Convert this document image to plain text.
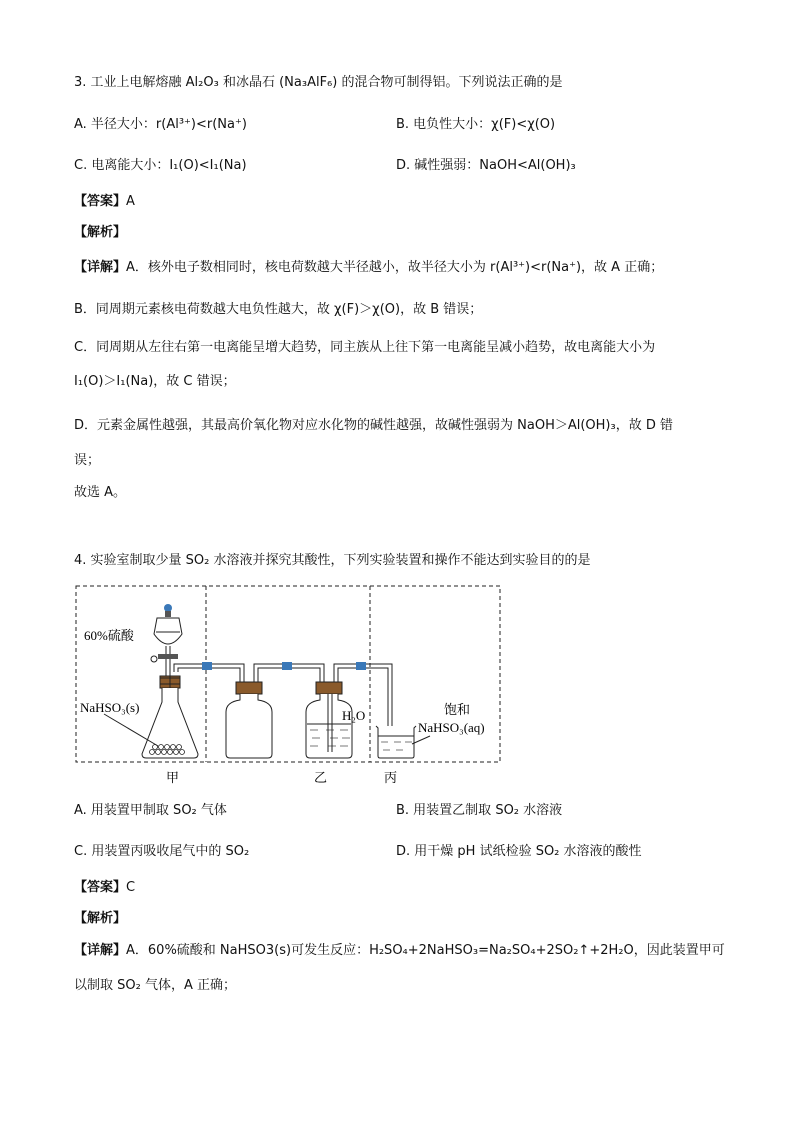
3. 工业上电解熔融 Al₂O₃ 和冰晶石 (Na₃AlF₆) 的混合物可制得铝。下列说法正确的是
A. 半径大小：r(Al³⁺)<r(Na⁺)	B. 电负性大小：χ(F)<χ(O)
C. 电离能大小：I₁(O)<I₁(Na)	D. 碱性强弱：NaOH<Al(OH)₃
【答案】A
【解析】
【详解】A．核外电子数相同时，核电荷数越大半径越小，故半径大小为 r(Al³⁺)<r(Na⁺)，故 A 正确；
B．同周期元素核电荷数越大电负性越大，故 χ(F)＞χ(O)，故 B 错误；
C．同周期从左往右第一电离能呈增大趋势，同主族从上往下第一电离能呈减小趋势，故电离能大小为
I₁(O)＞I₁(Na)，故 C 错误；
D．元素金属性越强，其最高价氧化物对应水化物的碱性越强，故碱性强弱为 NaOH＞Al(OH)₃，故 D 错
误；
故选 A。
4. 实验室制取少量 SO₂ 水溶液并探究其酸性，下列实验装置和操作不能达到实验目的的是
60%硫酸
NaHSO₃(s)
H₂O	饱和
NaHSO₃(aq)
甲	乙	丙
A. 用装置甲制取 SO₂ 气体	B. 用装置乙制取 SO₂ 水溶液
C. 用装置丙吸收尾气中的 SO₂	D. 用干燥 pH 试纸检验 SO₂ 水溶液的酸性
【答案】C
【解析】
【详解】A．60%硫酸和 NaHSO3(s)可发生反应：H₂SO₄+2NaHSO₃=Na₂SO₄+2SO₂↑+2H₂O，因此装置甲可
以制取 SO₂ 气体，A 正确；
